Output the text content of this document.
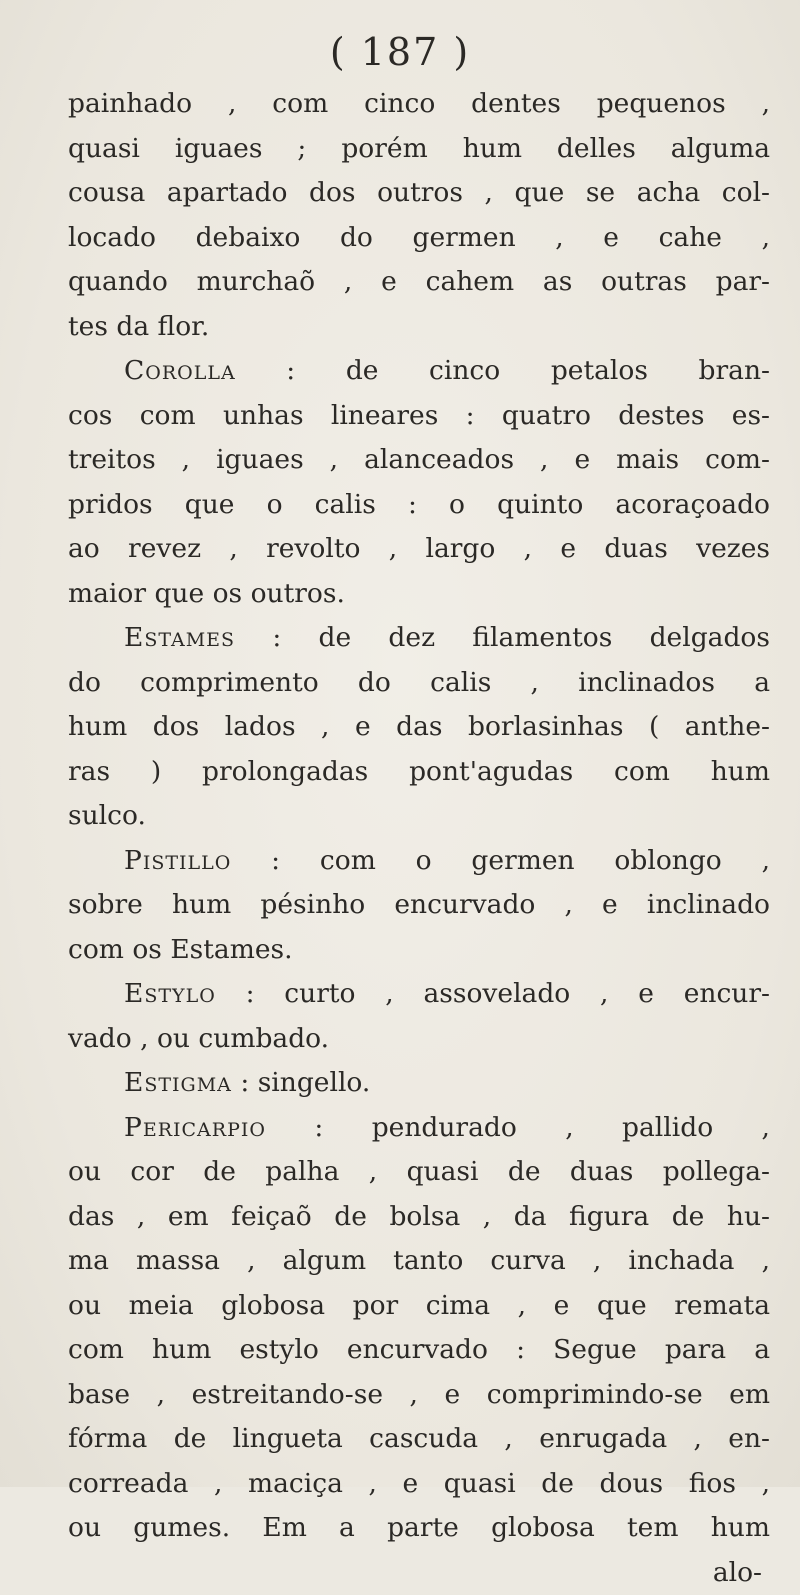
( 187 )
painhado , com cinco dentes pequenos ,
quasi iguaes ; porém hum delles alguma
cousa apartado dos outros , que se acha col-
locado debaixo do germen , e cahe ,
quando murchaõ , e cahem as outras par-
tes da flor.
Corolla : de cinco petalos bran-
cos com unhas lineares : quatro destes es-
treitos , iguaes , alanceados , e mais com-
pridos que o calis : o quinto acoraçoado
ao revez , revolto , largo , e duas vezes
maior que os outros.
Estames : de dez filamentos delgados
do comprimento do calis , inclinados a
hum dos lados , e das borlasinhas ( anthe-
ras ) prolongadas pont'agudas com hum
sulco.
Pistillo : com o germen oblongo ,
sobre hum pésinho encurvado , e inclinado
com os Estames.
Estylo : curto , assovelado , e encur-
vado , ou cumbado.
Estigma : singello.
Pericarpio : pendurado , pallido ,
ou cor de palha , quasi de duas pollega-
das , em feiçaõ de bolsa , da figura de hu-
ma massa , algum tanto curva , inchada ,
ou meia globosa por cima , e que remata
com hum estylo encurvado : Segue para a
base , estreitando-se , e comprimindo-se em
fórma de lingueta cascuda , enrugada , en-
correada , maciça , e quasi de dous fios ,
ou gumes. Em a parte globosa tem hum
alo-
